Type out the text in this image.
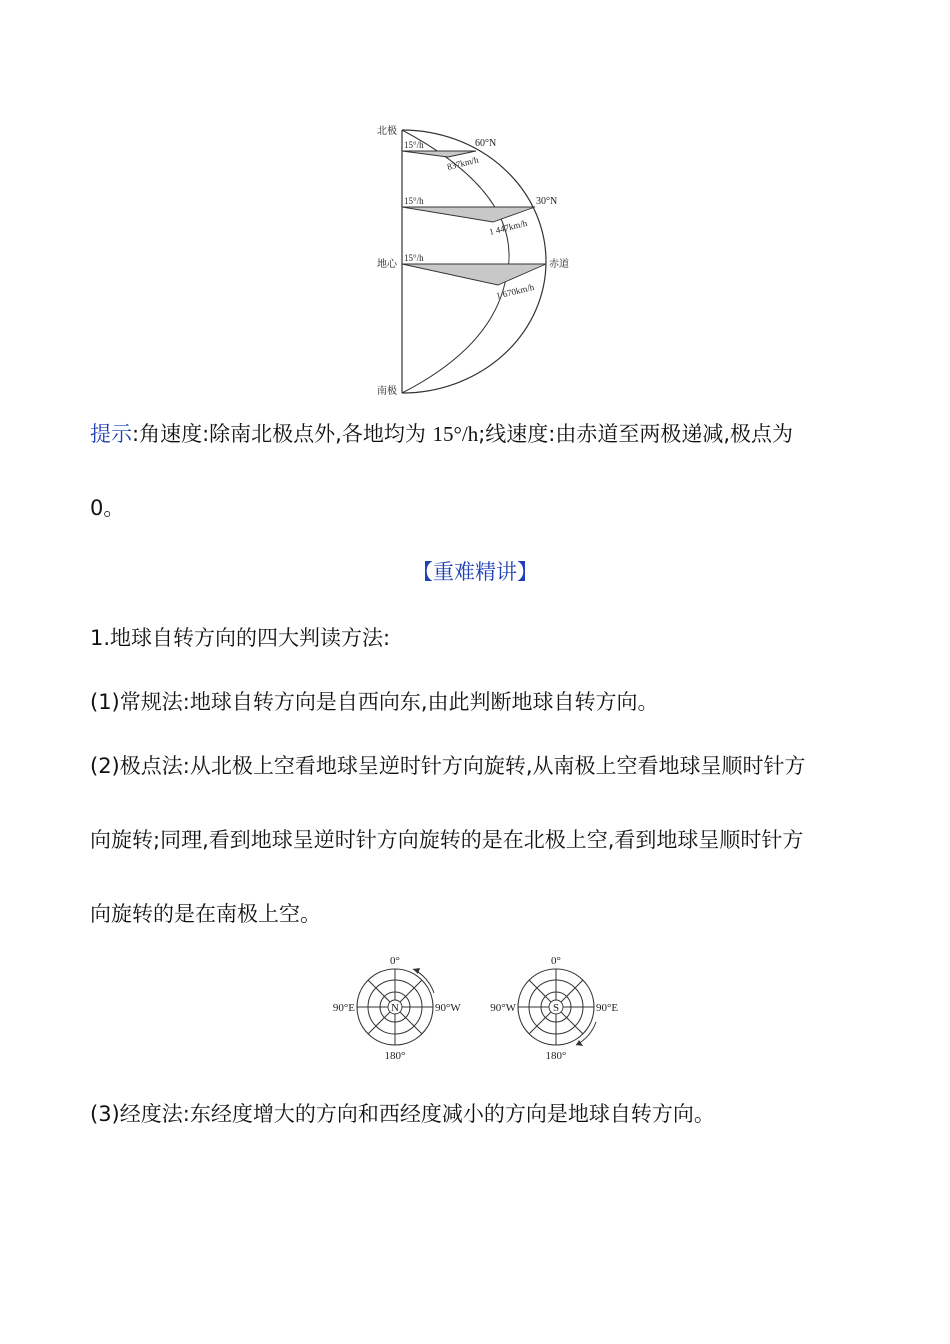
北极
地心
南极
60°N
30°N
赤道
15°/h
15°/h
15°/h
837km/h
1 447km/h
1 670km/h

提示:角速度:除南北极点外,各地均为 15°/h;线速度:由赤道至两极递减,极点为

0。

【重难精讲】

1.地球自转方向的四大判读方法:

(1)常规法:地球自转方向是自西向东,由此判断地球自转方向。

(2)极点法:从北极上空看地球呈逆时针方向旋转,从南极上空看地球呈顺时针方

向旋转;同理,看到地球呈逆时针方向旋转的是在北极上空,看到地球呈顺时针方

向旋转的是在南极上空。

N
0°
90°E	90°W
180°
S
0°
90°W	90°E
180°

(3)经度法:东经度增大的方向和西经度减小的方向是地球自转方向。
